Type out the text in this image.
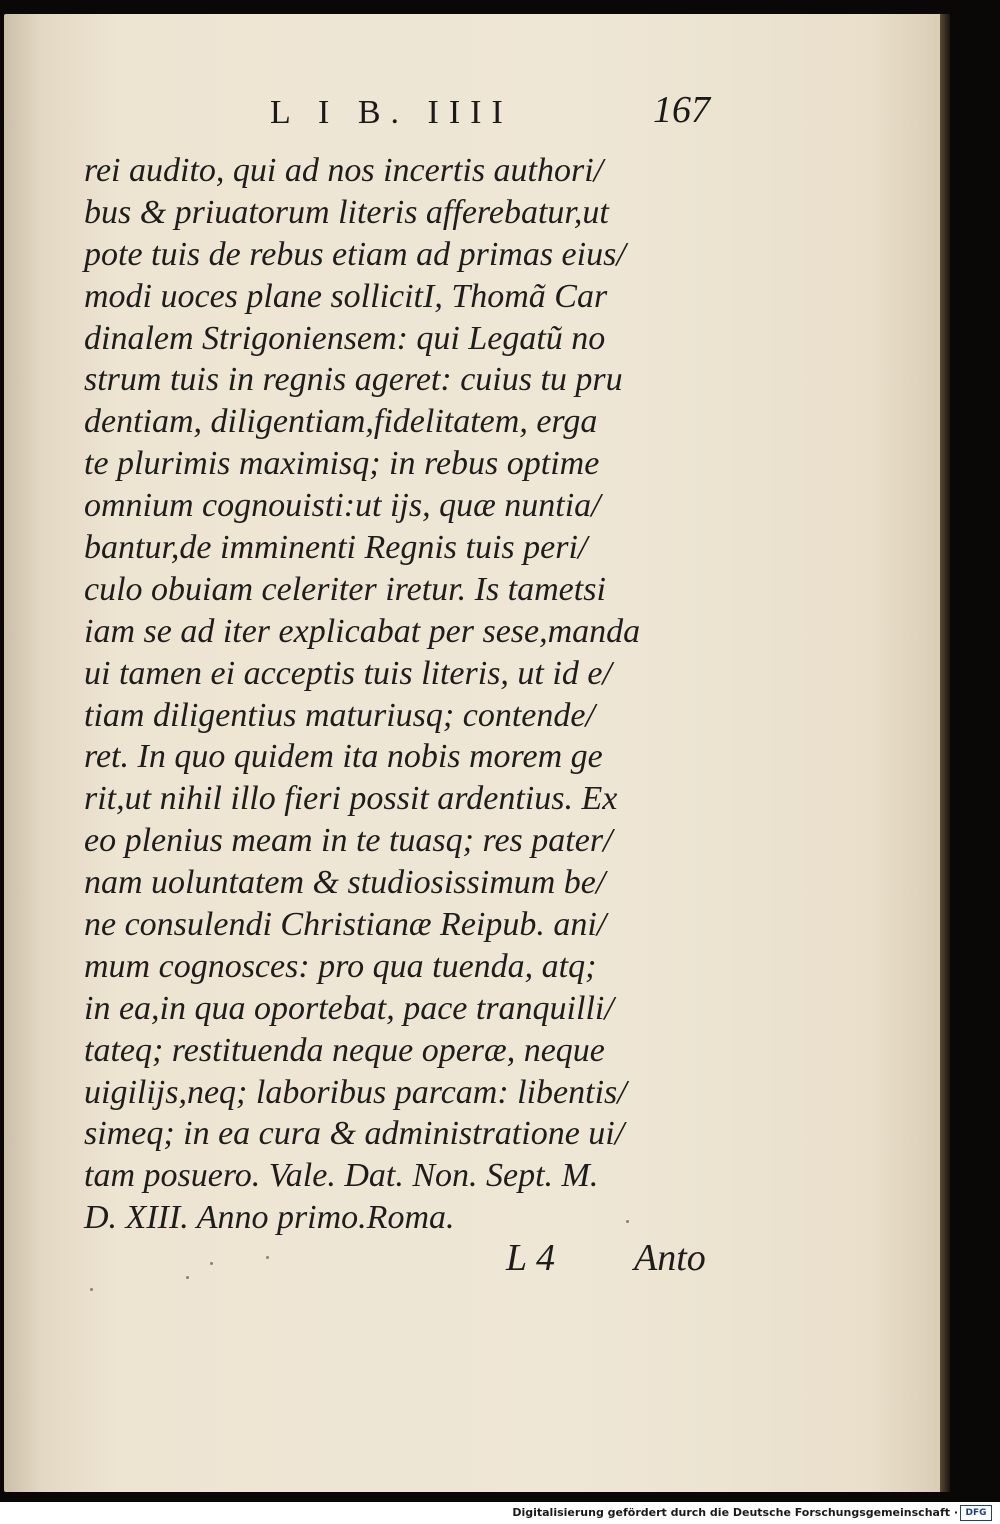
L I B. IIII	167
rei audito, qui ad nos incertis authori/
bus & priuatorum literis afferebatur,ut
pote tuis de rebus etiam ad primas eius/
modi uoces plane sollicitI, Thomã Car
dinalem Strigoniensem: qui Legatũ no
strum tuis in regnis ageret: cuius tu pru
dentiam, diligentiam,fidelitatem, erga
te plurimis maximisq; in rebus optime
omnium cognouisti:ut ijs, quæ nuntia/
bantur,de imminenti Regnis tuis peri/
culo obuiam celeriter iretur. Is tametsi
iam se ad iter explicabat per sese,manda
ui tamen ei acceptis tuis literis, ut id e/
tiam diligentius maturiusq; contende/
ret. In quo quidem ita nobis morem ge
rit,ut nihil illo fieri possit ardentius. Ex
eo plenius meam in te tuasq; res pater/
nam uoluntatem & studiosissimum be/
ne consulendi Christianæ Reipub. ani/
mum cognosces: pro qua tuenda, atq;
in ea,in qua oportebat, pace tranquilli/
tateq; restituenda neque operæ, neque
uigilijs,neq; laboribus parcam: libentis/
simeq; in ea cura & administratione ui/
tam posuero. Vale. Dat. Non. Sept. M.
D. XIII. Anno primo.Roma.
L 4 Anto
Digitalisierung gefördert durch die Deutsche Forschungsgemeinschaft · DFG
